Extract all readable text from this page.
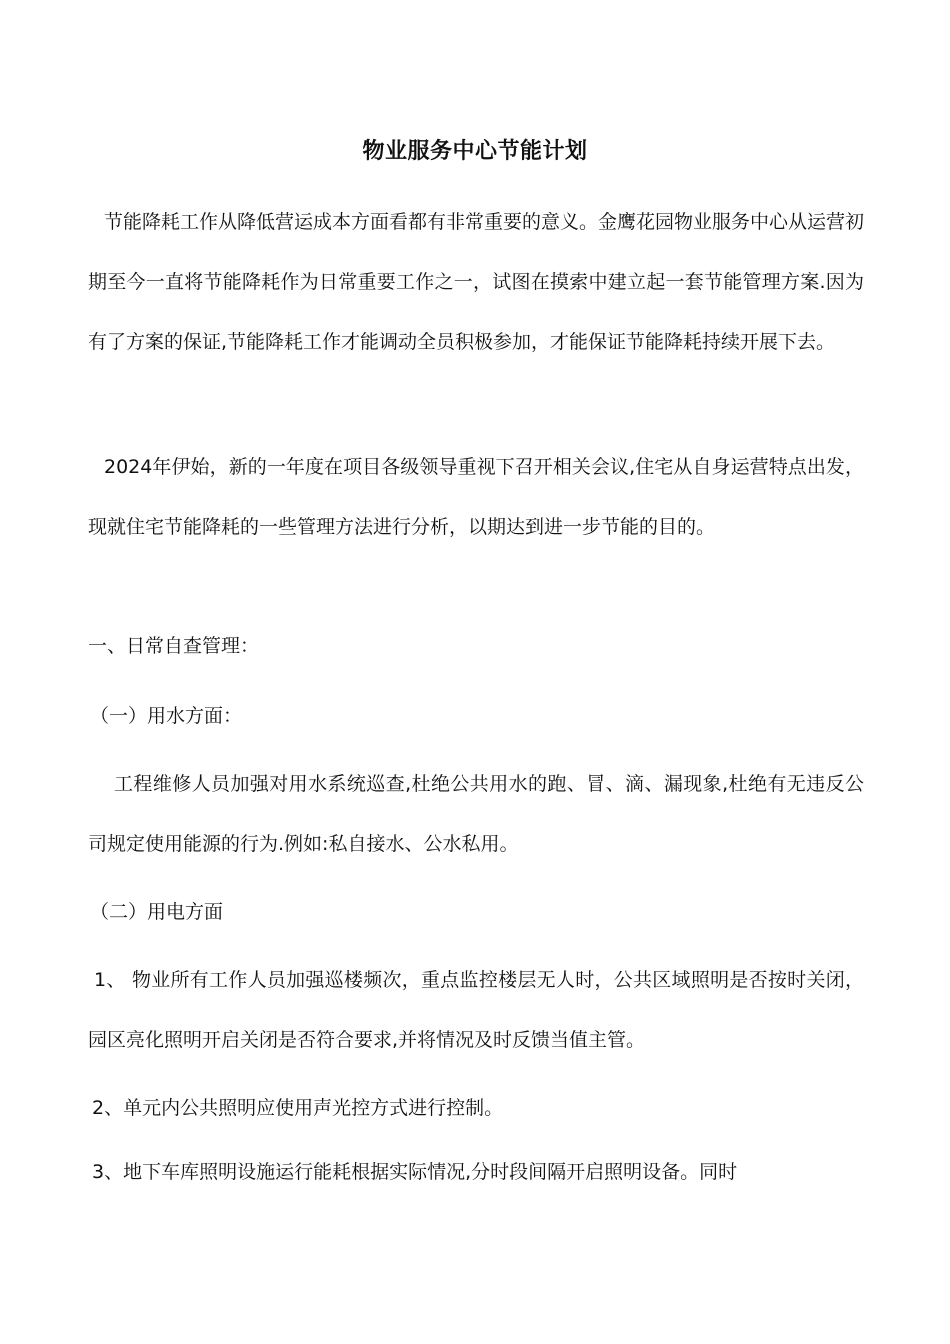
物业服务中心节能计划
节能降耗工作从降低营运成本方面看都有非常重要的意义。金鹰花园物业服务中心从运营初期至今一直将节能降耗作为日常重要工作之一，试图在摸索中建立起一套节能管理方案.因为有了方案的保证,节能降耗工作才能调动全员积极参加，才能保证节能降耗持续开展下去。
2024年伊始，新的一年度在项目各级领导重视下召开相关会议,住宅从自身运营特点出发，现就住宅节能降耗的一些管理方法进行分析，以期达到进一步节能的目的。
一、日常自查管理：
（一）用水方面：
工程维修人员加强对用水系统巡查,杜绝公共用水的跑、冒、滴、漏现象,杜绝有无违反公司规定使用能源的行为.例如:私自接水、公水私用。
（二）用电方面
1、 物业所有工作人员加强巡楼频次，重点监控楼层无人时，公共区域照明是否按时关闭，园区亮化照明开启关闭是否符合要求,并将情况及时反馈当值主管。
2、单元内公共照明应使用声光控方式进行控制。
3、地下车库照明设施运行能耗根据实际情况,分时段间隔开启照明设备。同时
